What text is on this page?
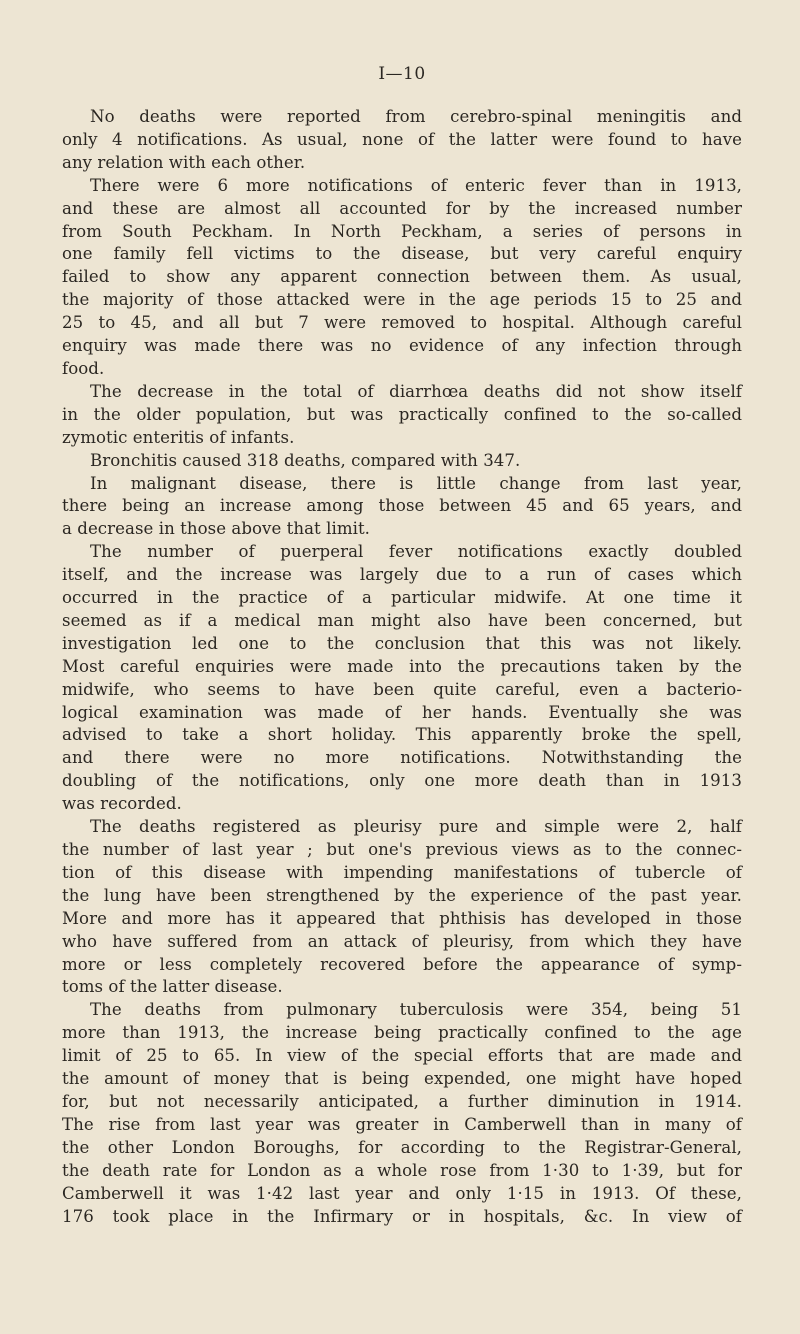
I—10

No deaths were reported from cerebro-spinal meningitis and
only 4 notifications. As usual, none of the latter were found to have
any relation with each other.

There were 6 more notifications of enteric fever than in 1913,
and these are almost all accounted for by the increased number
from South Peckham. In North Peckham, a series of persons in
one family fell victims to the disease, but very careful enquiry
failed to show any apparent connection between them. As usual,
the majority of those attacked were in the age periods 15 to 25 and
25 to 45, and all but 7 were removed to hospital. Although careful
enquiry was made there was no evidence of any infection through
food.

The decrease in the total of diarrhœa deaths did not show itself
in the older population, but was practically confined to the so-called
zymotic enteritis of infants.

Bronchitis caused 318 deaths, compared with 347.

In malignant disease, there is little change from last year,
there being an increase among those between 45 and 65 years, and
a decrease in those above that limit.

The number of puerperal fever notifications exactly doubled
itself, and the increase was largely due to a run of cases which
occurred in the practice of a particular midwife. At one time it
seemed as if a medical man might also have been concerned, but
investigation led one to the conclusion that this was not likely.
Most careful enquiries were made into the precautions taken by the
midwife, who seems to have been quite careful, even a bacterio-
logical examination was made of her hands. Eventually she was
advised to take a short holiday. This apparently broke the spell,
and there were no more notifications. Notwithstanding the
doubling of the notifications, only one more death than in 1913
was recorded.

The deaths registered as pleurisy pure and simple were 2, half
the number of last year ; but one's previous views as to the connec-
tion of this disease with impending manifestations of tubercle of
the lung have been strengthened by the experience of the past year.
More and more has it appeared that phthisis has developed in those
who have suffered from an attack of pleurisy, from which they have
more or less completely recovered before the appearance of symp-
toms of the latter disease.

The deaths from pulmonary tuberculosis were 354, being 51
more than 1913, the increase being practically confined to the age
limit of 25 to 65. In view of the special efforts that are made and
the amount of money that is being expended, one might have hoped
for, but not necessarily anticipated, a further diminution in 1914.
The rise from last year was greater in Camberwell than in many of
the other London Boroughs, for according to the Registrar-General,
the death rate for London as a whole rose from 1·30 to 1·39, but for
Camberwell it was 1·42 last year and only 1·15 in 1913. Of these,
176 took place in the Infirmary or in hospitals, &c. In view of
